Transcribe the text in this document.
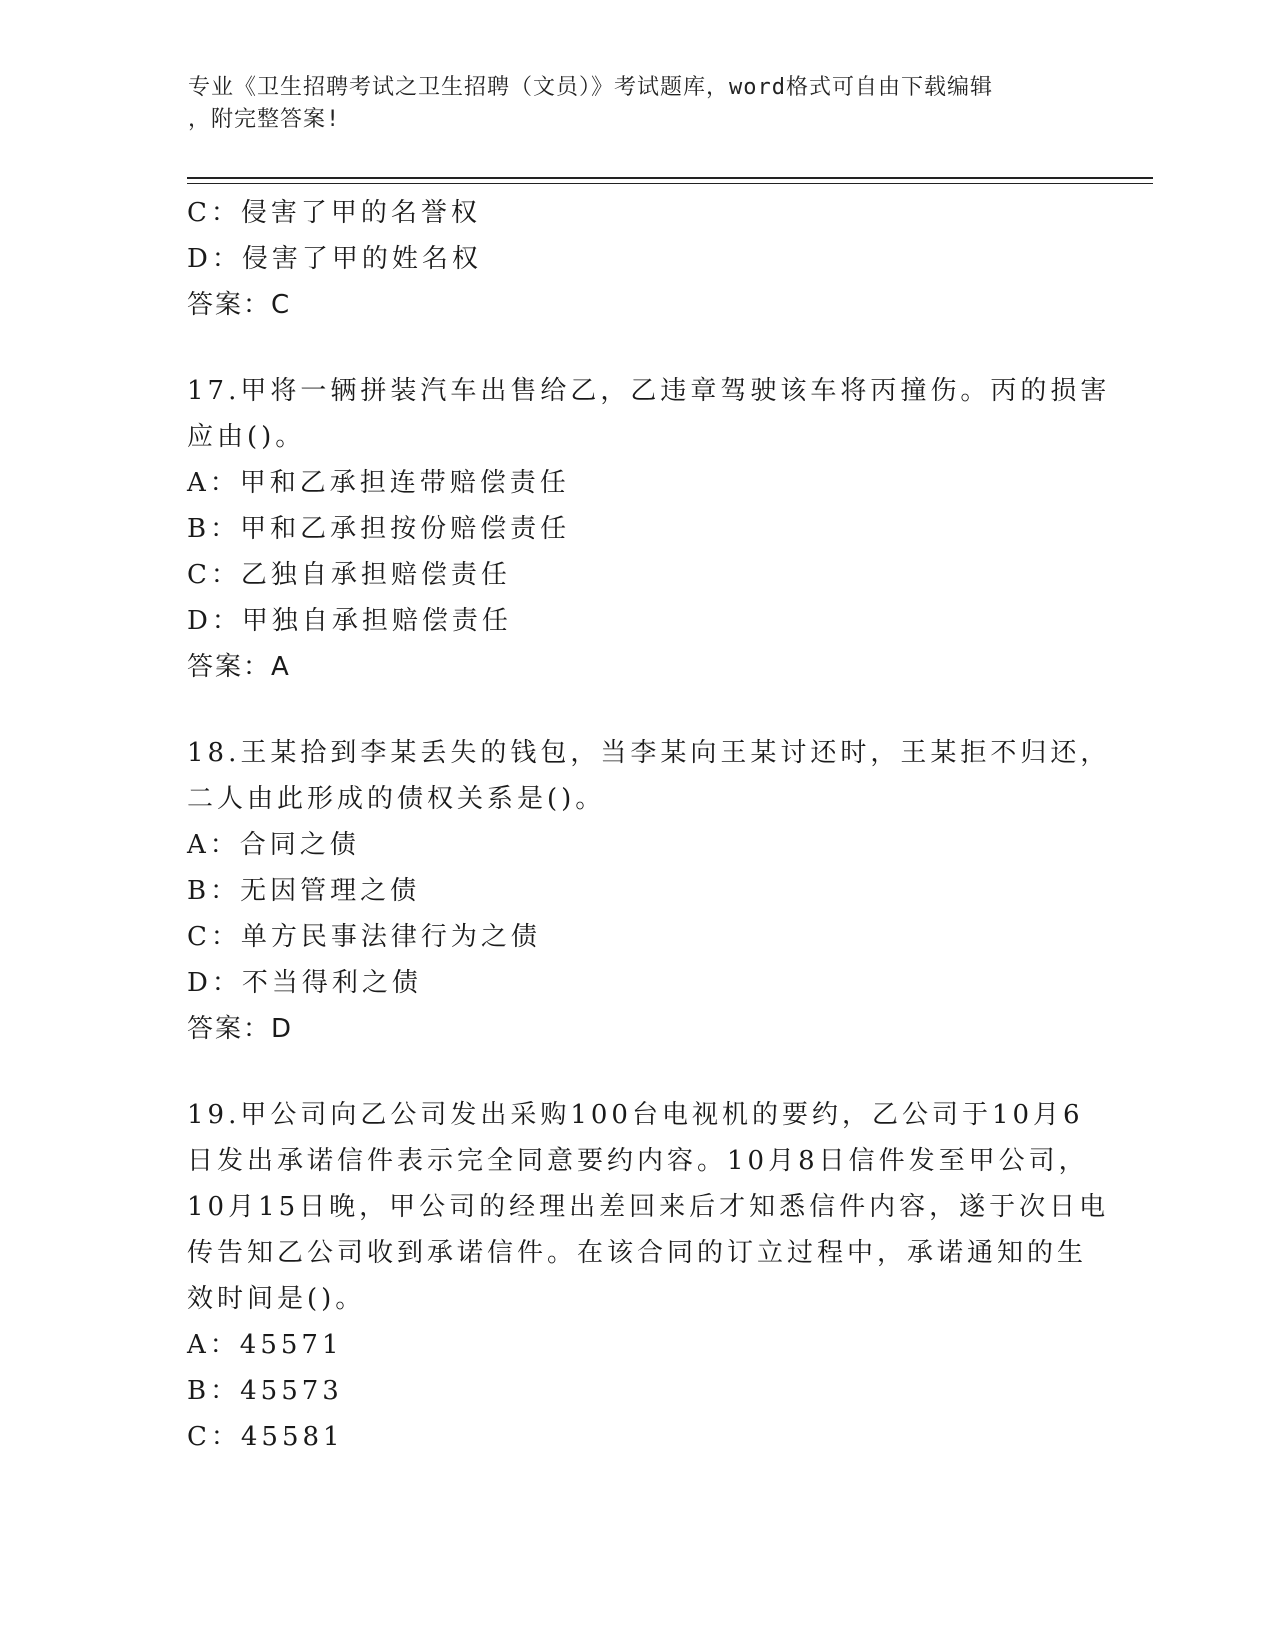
专业《卫生招聘考试之卫生招聘（文员）》考试题库，word格式可自由下载编辑
，附完整答案!
C：侵害了甲的名誉权
D：侵害了甲的姓名权
答案：C
17.甲将一辆拼装汽车出售给乙，乙违章驾驶该车将丙撞伤。丙的损害
应由()。
A：甲和乙承担连带赔偿责任
B：甲和乙承担按份赔偿责任
C：乙独自承担赔偿责任
D：甲独自承担赔偿责任
答案：A
18.王某拾到李某丢失的钱包，当李某向王某讨还时，王某拒不归还，
二人由此形成的债权关系是()。
A：合同之债
B：无因管理之债
C：单方民事法律行为之债
D：不当得利之债
答案：D
19.甲公司向乙公司发出采购100台电视机的要约，乙公司于10月6
日发出承诺信件表示完全同意要约内容。10月8日信件发至甲公司，
10月15日晚，甲公司的经理出差回来后才知悉信件内容，遂于次日电
传告知乙公司收到承诺信件。在该合同的订立过程中，承诺通知的生
效时间是()。
A：45571
B：45573
C：45581
